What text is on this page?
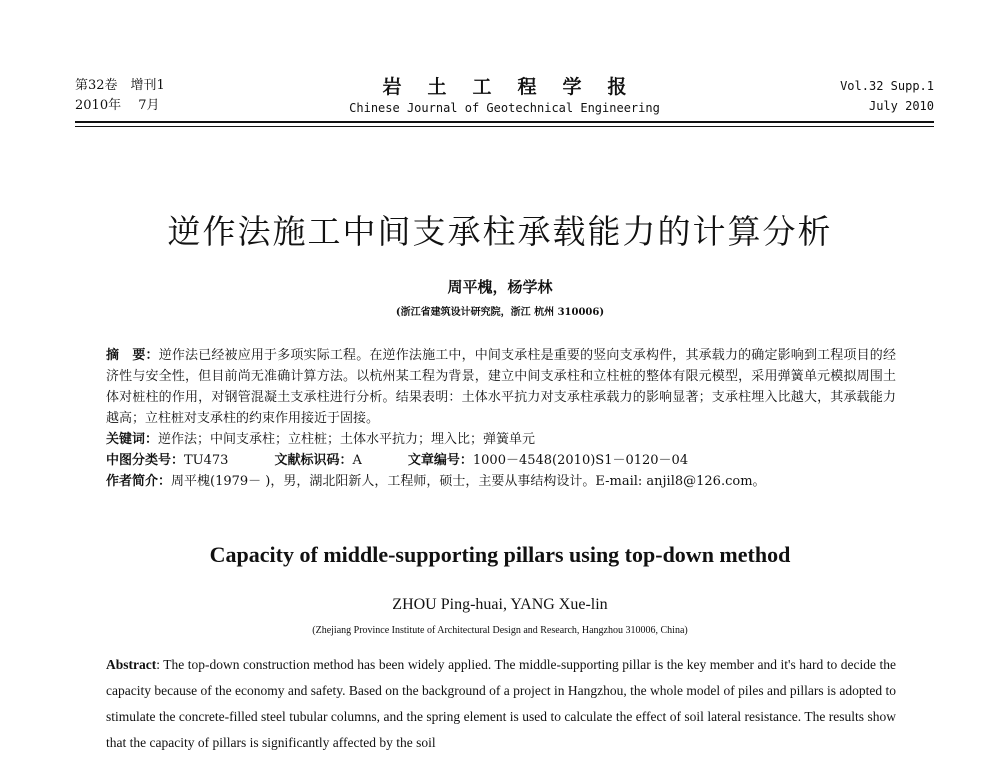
第32卷　增刊1
2010年　 7月
岩土工程学报
Chinese Journal of Geotechnical Engineering
Vol.32 Supp.1
July 2010
逆作法施工中间支承柱承载能力的计算分析
周平槐，杨学林
(浙江省建筑设计研究院，浙江 杭州 310006)

摘　要：逆作法已经被应用于多项实际工程。在逆作法施工中，中间支承柱是重要的竖向支承构件，其承载力的确定影响到工程项目的经济性与安全性，但目前尚无准确计算方法。以杭州某工程为背景，建立中间支承柱和立柱桩的整体有限元模型，采用弹簧单元模拟周围土体对桩柱的作用，对钢管混凝土支承柱进行分析。结果表明：土体水平抗力对支承柱承载力的影响显著；支承柱埋入比越大，其承载能力越高；立柱桩对支承柱的约束作用接近于固接。

关键词：逆作法；中间支承柱；立柱桩；土体水平抗力；埋入比；弹簧单元

中图分类号：TU473	文献标识码：A	文章编号：1000－4548(2010)S1－0120－04

作者简介：周平槐(1979－ )，男，湖北阳新人，工程师，硕士，主要从事结构设计。E-mail: anjil8@126.com。

Capacity of middle-supporting pillars using top-down method
ZHOU Ping-huai, YANG Xue-lin
(Zhejiang Province Institute of Architectural Design and Research, Hangzhou 310006, China)

Abstract: The top-down construction method has been widely applied. The middle-supporting pillar is the key member and it's hard to decide the capacity because of the economy and safety. Based on the background of a project in Hangzhou, the whole model of piles and pillars is adopted to stimulate the concrete-filled steel tubular columns, and the spring element is used to calculate the effect of soil lateral resistance. The results show that the capacity of pillars is significantly affected by the soil
